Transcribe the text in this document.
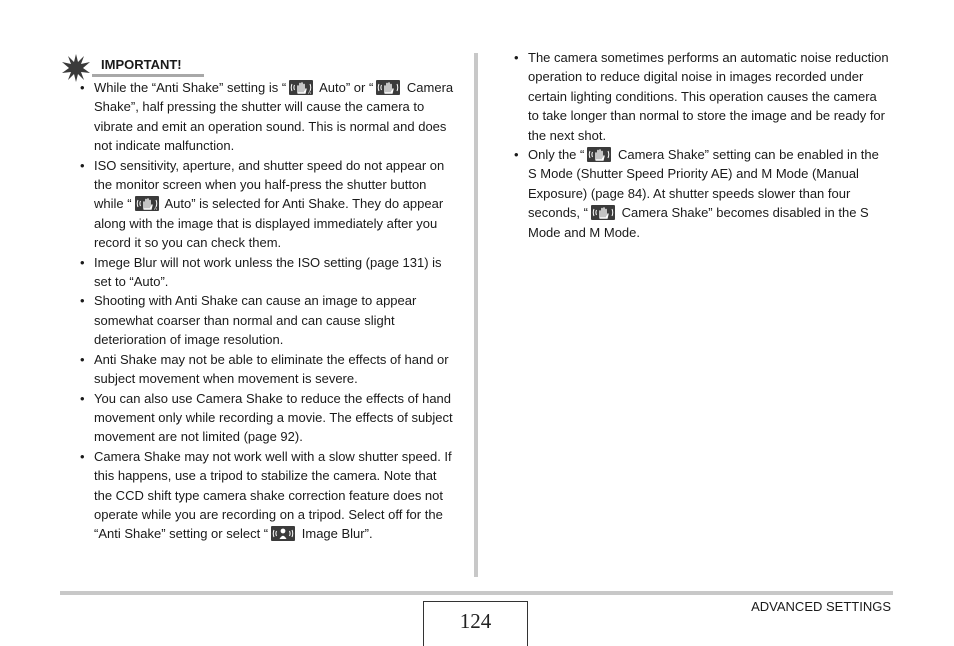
IMPORTANT!
• While the “Anti Shake” setting is “	A Auto” or “
Camera Shake”, half pressing the shutter will cause the camera to vibrate and emit an operation sound. This is normal and does not indicate malfunction.
• ISO sensitivity, aperture, and shutter speed do not appear on the monitor screen when you half-press the shutter button while “	A Auto” is selected for Anti Shake. They do appear along with the image that is displayed immediately after you record it so you can check them.
• Imege Blur will not work unless the ISO setting (page 131) is set to “Auto”.
• Shooting with Anti Shake can cause an image to appear somewhat coarser than normal and can cause slight deterioration of image resolution.
• Anti Shake may not be able to eliminate the effects of hand or subject movement when movement is severe.
• You can also use Camera Shake to reduce the effects of hand movement only while recording a movie. The effects of subject movement are not limited (page 92).
• Camera Shake may not work well with a slow shutter speed. If this happens, use a tripod to stabilize the camera. Note that the CCD shift type camera shake correction feature does not operate while you are recording on a tripod. Select off for the “Anti Shake” setting or select “
Image Blur”.
• The camera sometimes performs an automatic noise reduction operation to reduce digital noise in images recorded under certain lighting conditions. This operation causes the camera to take longer than normal to store the image and be ready for the next shot.
• Only the “
Camera Shake” setting can be enabled in the S Mode (Shutter Speed Priority AE) and M Mode (Manual Exposure) (page 84). At shutter speeds slower than four seconds, “
Camera Shake” becomes disabled in the S Mode and M Mode.
124
ADVANCED SETTINGS
